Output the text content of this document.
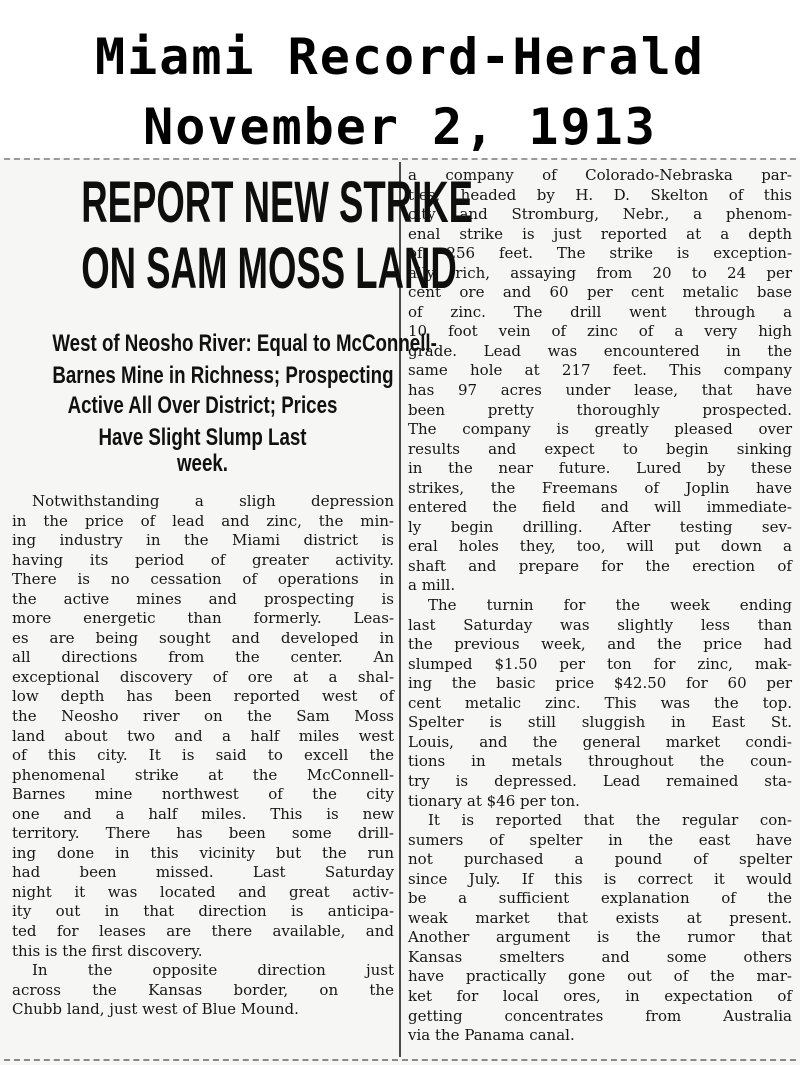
Miami Record-Herald
November 2, 1913
REPORT NEW STRIKE
ON SAM MOSS LAND
West of Neosho River: Equal to McConnell-
Barnes Mine in Richness; Prospecting
Active All Over District; Prices
Have Slight Slump Last
week.
Notwithstanding a sligh depression
in the price of lead and zinc, the min-
ing industry in the Miami district is
having its period of greater activity.
There is no cessation of operations in
the active mines and prospecting is
more energetic than formerly. Leas-
es are being sought and developed in
all directions from the center. An
exceptional discovery of ore at a shal-
low depth has been reported west of
the Neosho river on the Sam Moss
land about two and a half miles west
of this city. It is said to excell the
phenomenal strike at the McConnell-
Barnes mine northwest of the city
one and a half miles. This is new
territory. There has been some drill-
ing done in this vicinity but the run
had been missed. Last Saturday
night it was located and great activ-
ity out in that direction is anticipa-
ted for leases are there available, and
this is the first discovery.
In the opposite direction just
across the Kansas border, on the
Chubb land, just west of Blue Mound.
a company of Colorado-Nebraska par-
ties, headed by H. D. Skelton of this
city and Stromburg, Nebr., a phenom-
enal strike is just reported at a depth
of 256 feet. The strike is exception-
ally rich, assaying from 20 to 24 per
cent ore and 60 per cent metalic base
of zinc. The drill went through a
10 foot vein of zinc of a very high
grade. Lead was encountered in the
same hole at 217 feet. This company
has 97 acres under lease, that have
been pretty thoroughly prospected.
The company is greatly pleased over
results and expect to begin sinking
in the near future. Lured by these
strikes, the Freemans of Joplin have
entered the field and will immediate-
ly begin drilling. After testing sev-
eral holes they, too, will put down a
shaft and prepare for the erection of
a mill.
The turnin for the week ending
last Saturday was slightly less than
the previous week, and the price had
slumped $1.50 per ton for zinc, mak-
ing the basic price $42.50 for 60 per
cent metalic zinc. This was the top.
Spelter is still sluggish in East St.
Louis, and the general market condi-
tions in metals throughout the coun-
try is depressed. Lead remained sta-
tionary at $46 per ton.
It is reported that the regular con-
sumers of spelter in the east have
not purchased a pound of spelter
since July. If this is correct it would
be a sufficient explanation of the
weak market that exists at present.
Another argument is the rumor that
Kansas smelters and some others
have practically gone out of the mar-
ket for local ores, in expectation of
getting concentrates from Australia
via the Panama canal.
